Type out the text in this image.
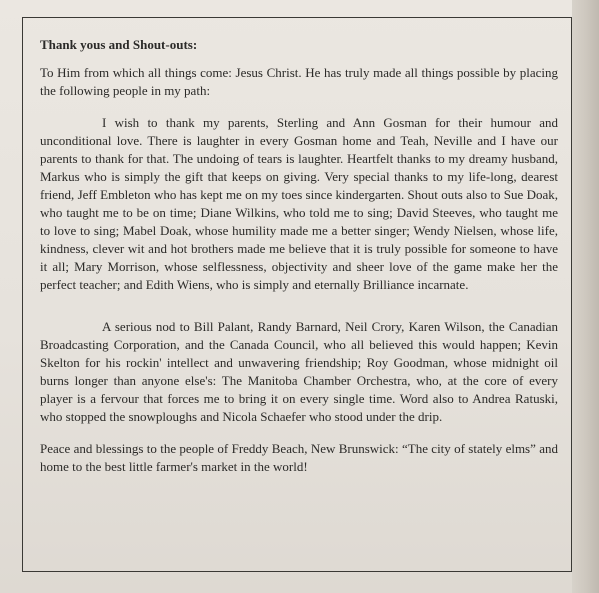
Thank yous and Shout-outs:

To Him from which all things come: Jesus Christ. He has truly made all things possible by placing the following people in my path:

I wish to thank my parents, Sterling and Ann Gosman for their humour and unconditional love. There is laughter in every Gosman home and Teah, Neville and I have our parents to thank for that. The undoing of tears is laughter. Heartfelt thanks to my dreamy husband, Markus who is simply the gift that keeps on giving. Very special thanks to my life-long, dearest friend, Jeff Embleton who has kept me on my toes since kindergarten. Shout outs also to Sue Doak, who taught me to be on time; Diane Wilkins, who told me to sing; David Steeves, who taught me to love to sing; Mabel Doak, whose humility made me a better singer; Wendy Nielsen, whose life, kindness, clever wit and hot brothers made me believe that it is truly possible for someone to have it all; Mary Morrison, whose selflessness, objectivity and sheer love of the game make her the perfect teacher; and Edith Wiens, who is simply and eternally Brilliance incarnate.

A serious nod to Bill Palant, Randy Barnard, Neil Crory, Karen Wilson, the Canadian Broadcasting Corporation, and the Canada Council, who all believed this would happen; Kevin Skelton for his rockin' intellect and unwavering friendship; Roy Goodman, whose midnight oil burns longer than anyone else's: The Manitoba Chamber Orchestra, who, at the core of every player is a fervour that forces me to bring it on every single time. Word also to Andrea Ratuski, who stopped the snowploughs and Nicola Schaefer who stood under the drip.

Peace and blessings to the people of Freddy Beach, New Brunswick: “The city of stately elms” and home to the best little farmer's market in the world!
